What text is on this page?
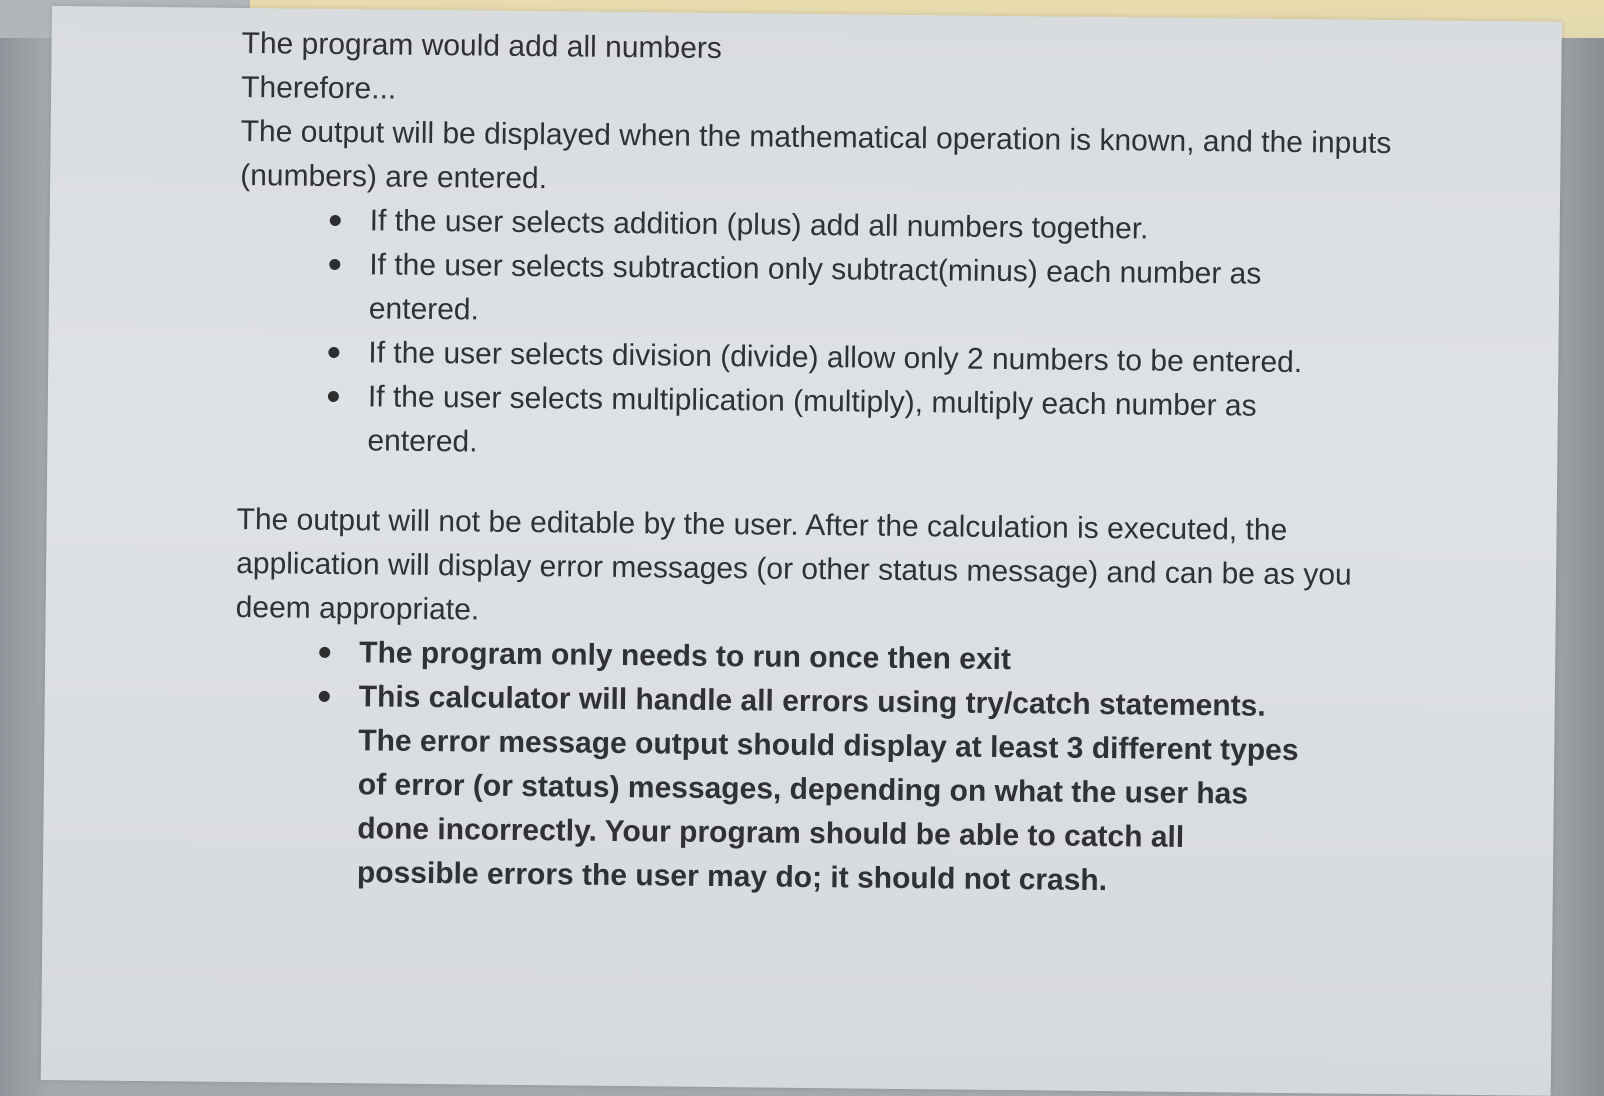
The program would add all numbers

Therefore...

The output will be displayed when the mathematical operation is known, and the inputs (numbers) are entered.

If the user selects addition (plus) add all numbers together.
If the user selects subtraction only subtract(minus) each number as entered.
If the user selects division (divide) allow only 2 numbers to be entered.
If the user selects multiplication (multiply), multiply each number as entered.

The output will not be editable by the user. After the calculation is executed, the application will display error messages (or other status message) and can be as you deem appropriate.

The program only needs to run once then exit
This calculator will handle all errors using try/catch statements. The error message output should display at least 3 different types of error (or status) messages, depending on what the user has done incorrectly. Your program should be able to catch all possible errors the user may do; it should not crash.
